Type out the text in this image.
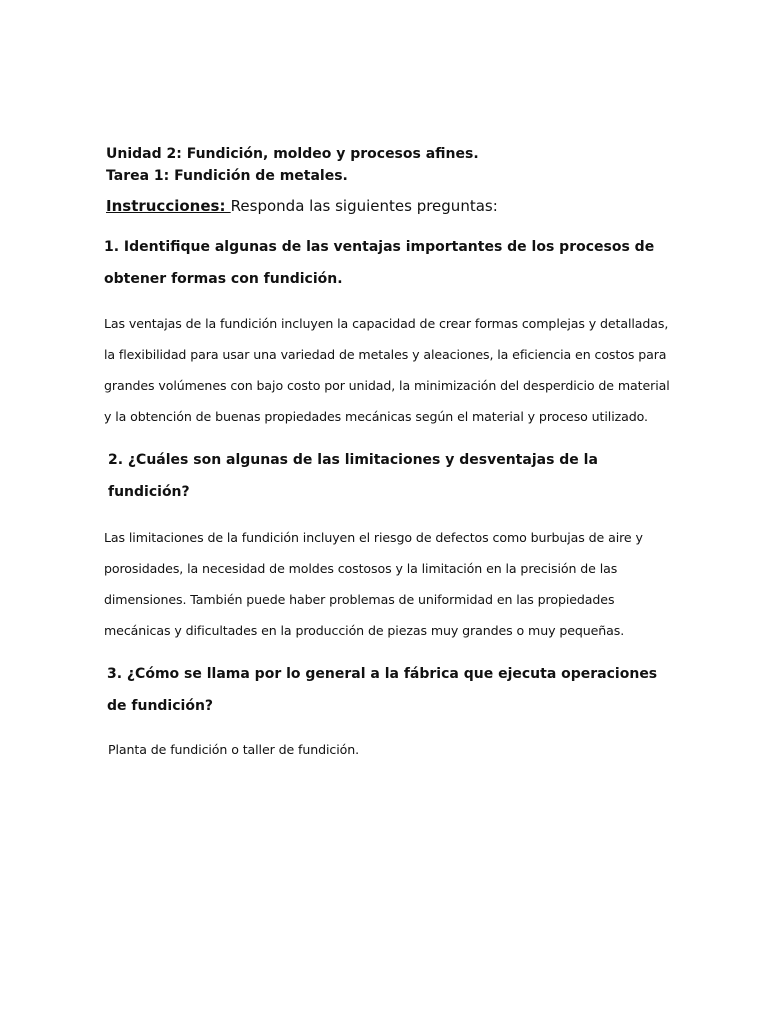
Unidad 2: Fundición, moldeo y procesos afines.

Tarea 1: Fundición de metales.

Instrucciones: Responda las siguientes preguntas:

1. Identifique algunas de las ventajas importantes de los procesos de obtener formas con fundición.

Las ventajas de la fundición incluyen la capacidad de crear formas complejas y detalladas, la flexibilidad para usar una variedad de metales y aleaciones, la eficiencia en costos para grandes volúmenes con bajo costo por unidad, la minimización del desperdicio de material y la obtención de buenas propiedades mecánicas según el material y proceso utilizado.

2. ¿Cuáles son algunas de las limitaciones y desventajas de la fundición?

Las limitaciones de la fundición incluyen el riesgo de defectos como burbujas de aire y porosidades, la necesidad de moldes costosos y la limitación en la precisión de las dimensiones. También puede haber problemas de uniformidad en las propiedades mecánicas y dificultades en la producción de piezas muy grandes o muy pequeñas.

3. ¿Cómo se llama por lo general a la fábrica que ejecuta operaciones de fundición?

Planta de fundición o taller de fundición.
